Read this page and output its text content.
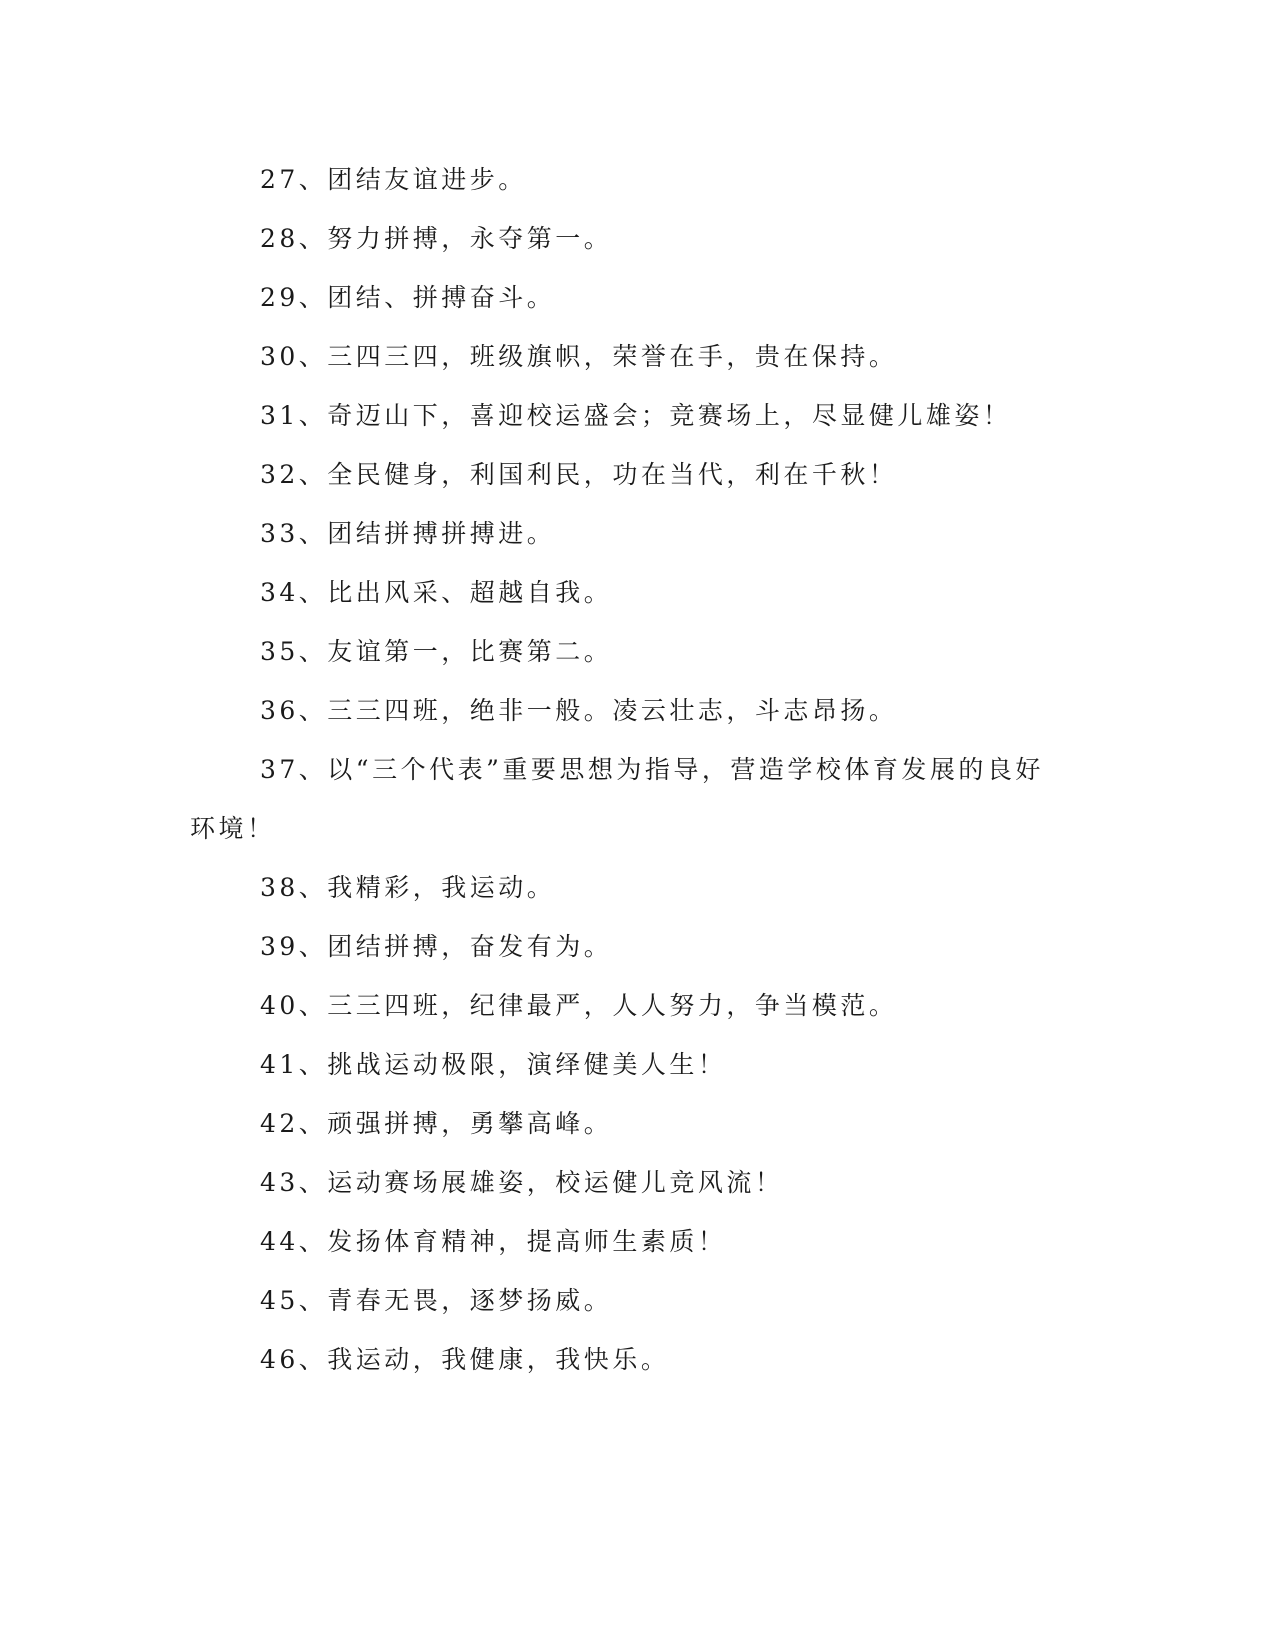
27、团结友谊进步。

28、努力拼搏，永夺第一。

29、团结、拼搏奋斗。

30、三四三四，班级旗帜，荣誉在手，贵在保持。

31、奇迈山下，喜迎校运盛会；竞赛场上，尽显健儿雄姿！

32、全民健身，利国利民，功在当代，利在千秋！

33、团结拼搏拼搏进。

34、比出风采、超越自我。

35、友谊第一，比赛第二。

36、三三四班，绝非一般。凌云壮志，斗志昂扬。

37、以“三个代表”重要思想为指导，营造学校体育发展的良好环境！

38、我精彩，我运动。

39、团结拼搏，奋发有为。

40、三三四班，纪律最严，人人努力，争当模范。

41、挑战运动极限，演绎健美人生！

42、顽强拼搏，勇攀高峰。

43、运动赛场展雄姿，校运健儿竞风流！

44、发扬体育精神，提高师生素质！

45、青春无畏，逐梦扬威。

46、我运动，我健康，我快乐。
